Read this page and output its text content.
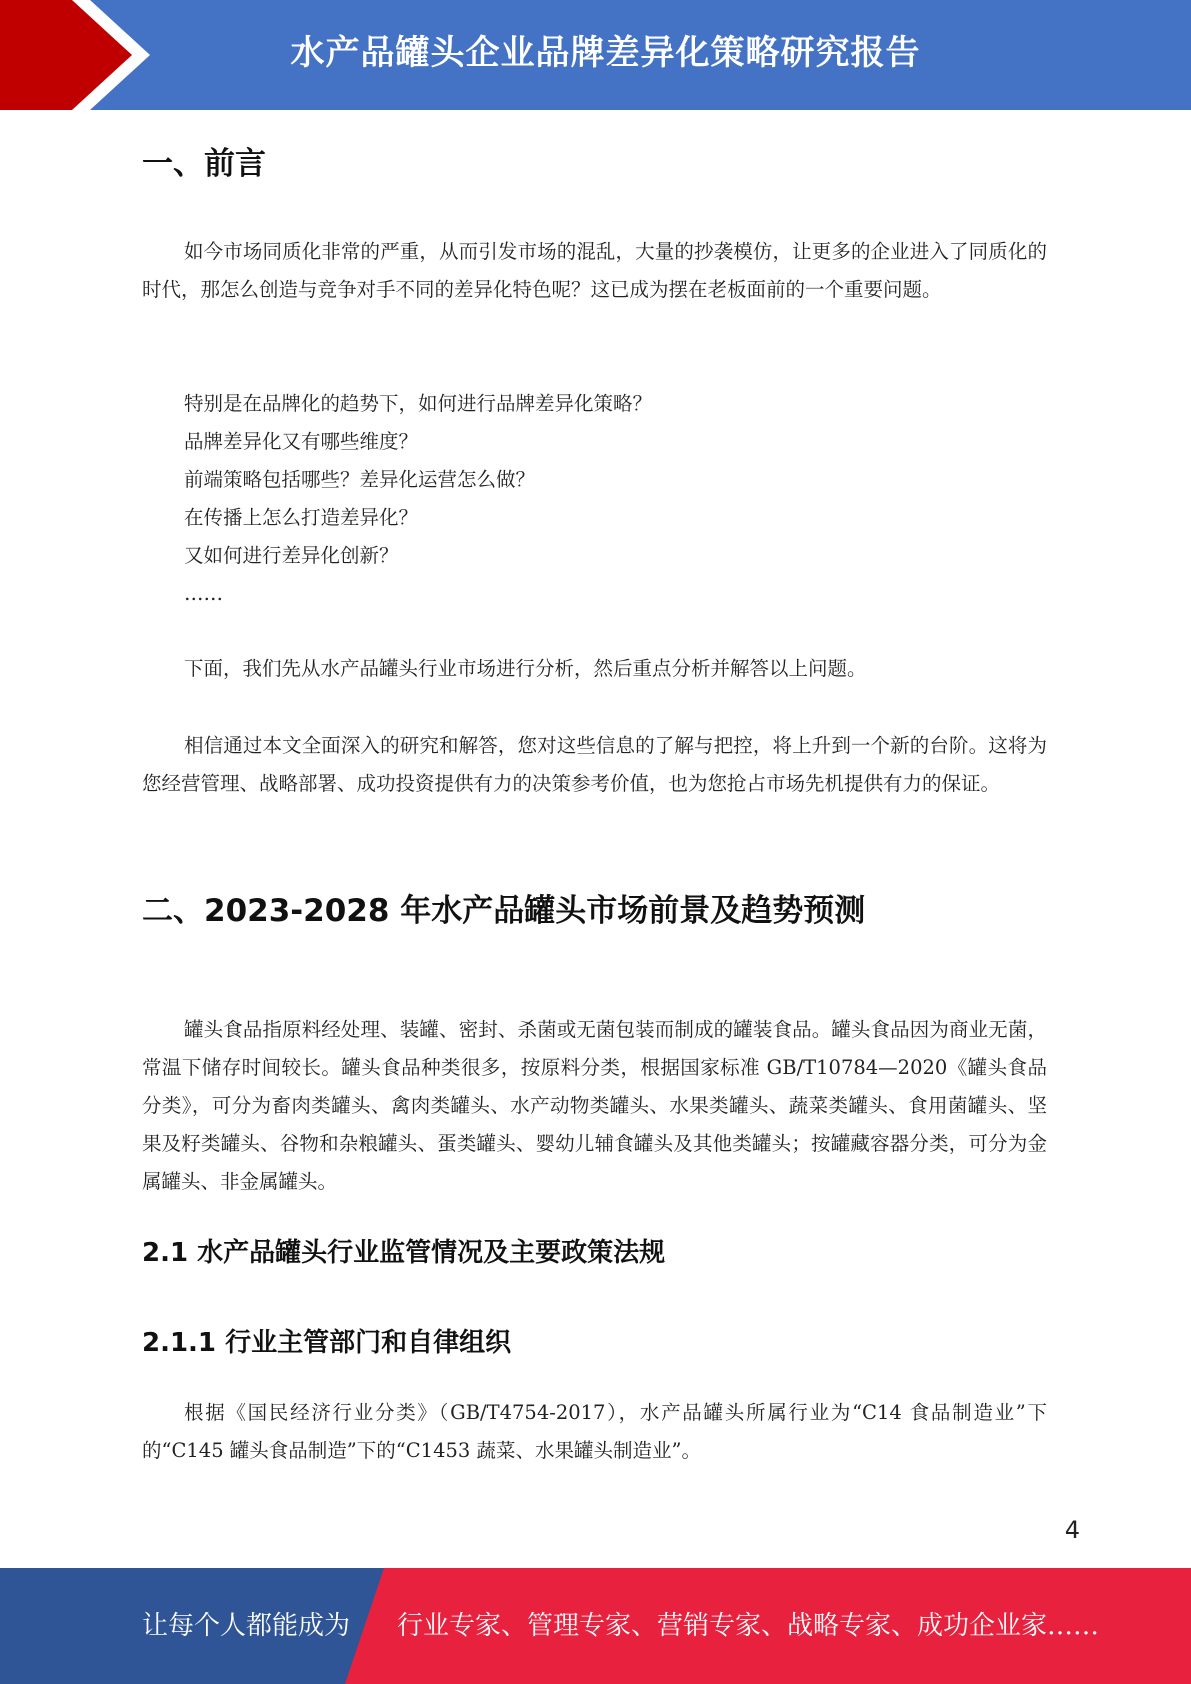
水产品罐头企业品牌差异化策略研究报告
一、前言

如今市场同质化非常的严重，从而引发市场的混乱，大量的抄袭模仿，让更多的企业进入了同质化的时代，那怎么创造与竞争对手不同的差异化特色呢？这已成为摆在老板面前的一个重要问题。

特别是在品牌化的趋势下，如何进行品牌差异化策略？
品牌差异化又有哪些维度？
前端策略包括哪些？差异化运营怎么做？
在传播上怎么打造差异化？
又如何进行差异化创新？
……

下面，我们先从水产品罐头行业市场进行分析，然后重点分析并解答以上问题。

相信通过本文全面深入的研究和解答，您对这些信息的了解与把控，将上升到一个新的台阶。这将为您经营管理、战略部署、成功投资提供有力的决策参考价值，也为您抢占市场先机提供有力的保证。

二、2023-2028 年水产品罐头市场前景及趋势预测

罐头食品指原料经处理、装罐、密封、杀菌或无菌包装而制成的罐装食品。罐头食品因为商业无菌，常温下储存时间较长。罐头食品种类很多，按原料分类，根据国家标准 GB/T10784—2020《罐头食品分类》，可分为畜肉类罐头、禽肉类罐头、水产动物类罐头、水果类罐头、蔬菜类罐头、食用菌罐头、坚果及籽类罐头、谷物和杂粮罐头、蛋类罐头、婴幼儿辅食罐头及其他类罐头；按罐藏容器分类，可分为金属罐头、非金属罐头。

2.1 水产品罐头行业监管情况及主要政策法规
2.1.1 行业主管部门和自律组织

根据《国民经济行业分类》（GB/T4754-2017），水产品罐头所属行业为“C14 食品制造业”下的“C145 罐头食品制造”下的“C1453 蔬菜、水果罐头制造业”。

4
让每个人都能成为 行业专家、管理专家、营销专家、战略专家、成功企业家……
